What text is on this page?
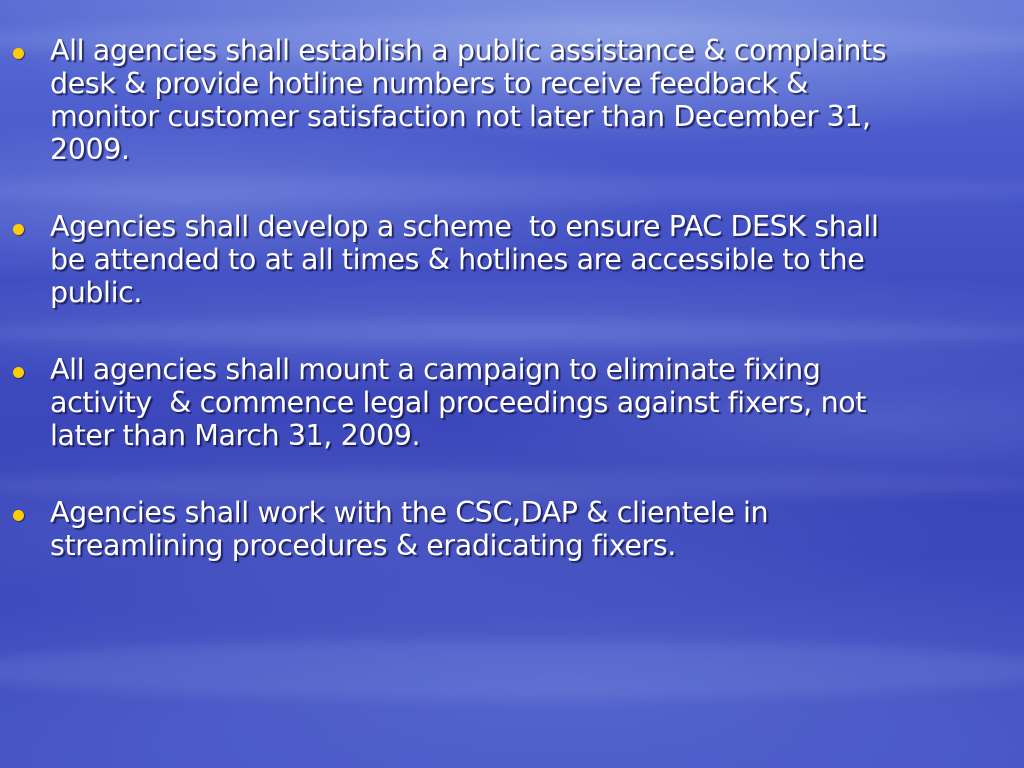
All agencies shall establish a public assistance & complaints desk & provide hotline numbers to receive feedback & monitor customer satisfaction not later than December 31, 2009.
Agencies shall develop a scheme  to ensure PAC DESK shall be attended to at all times & hotlines are accessible to the public.
All agencies shall mount a campaign to eliminate fixing activity  & commence legal proceedings against fixers, not later than March 31, 2009.
Agencies shall work with the CSC,DAP & clientele in streamlining procedures & eradicating fixers.
